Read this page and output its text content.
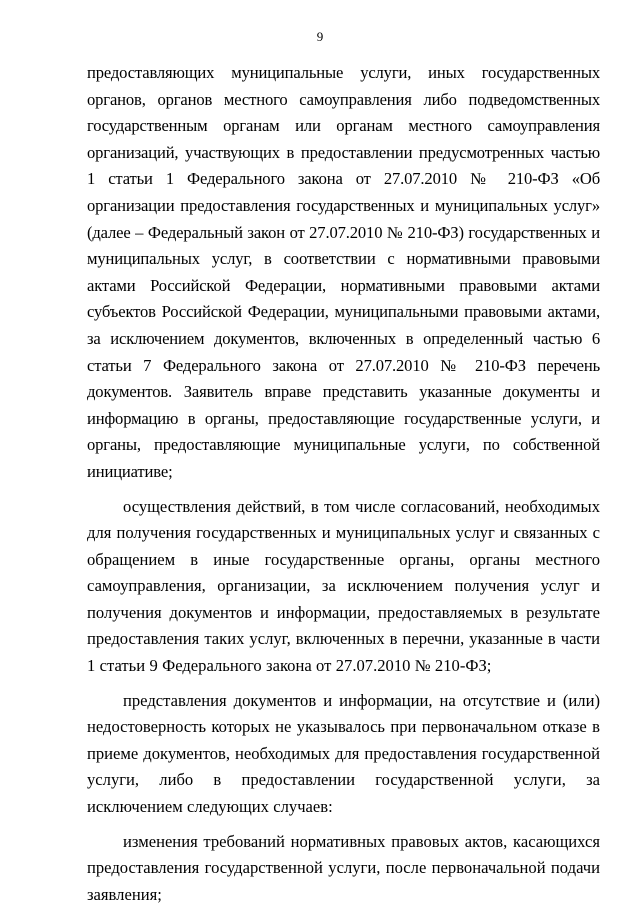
9

предоставляющих муниципальные услуги, иных государственных органов, органов местного самоуправления либо подведомственных государственным органам или органам местного самоуправления организаций, участвующих в предоставлении предусмотренных частью 1 статьи 1 Федерального закона от 27.07.2010 № 210-ФЗ «Об организации предоставления государственных и муниципальных услуг» (далее – Федеральный закон от 27.07.2010 № 210-ФЗ) государственных и муниципальных услуг, в соответствии с нормативными правовыми актами Российской Федерации, нормативными правовыми актами субъектов Российской Федерации, муниципальными правовыми актами, за исключением документов, включенных в определенный частью 6 статьи 7 Федерального закона от 27.07.2010 № 210-ФЗ перечень документов. Заявитель вправе представить указанные документы и информацию в органы, предоставляющие государственные услуги, и органы, предоставляющие муниципальные услуги, по собственной инициативе;

осуществления действий, в том числе согласований, необходимых для получения государственных и муниципальных услуг и связанных с обращением в иные государственные органы, органы местного самоуправления, организации, за исключением получения услуг и получения документов и информации, предоставляемых в результате предоставления таких услуг, включенных в перечни, указанные в части 1 статьи 9 Федерального закона от 27.07.2010 № 210-ФЗ;

представления документов и информации, на отсутствие и (или) недостоверность которых не указывалось при первоначальном отказе в приеме документов, необходимых для предоставления государственной услуги, либо в предоставлении государственной услуги, за исключением следующих случаев:

изменения требований нормативных правовых актов, касающихся предоставления государственной услуги, после первоначальной подачи заявления;
